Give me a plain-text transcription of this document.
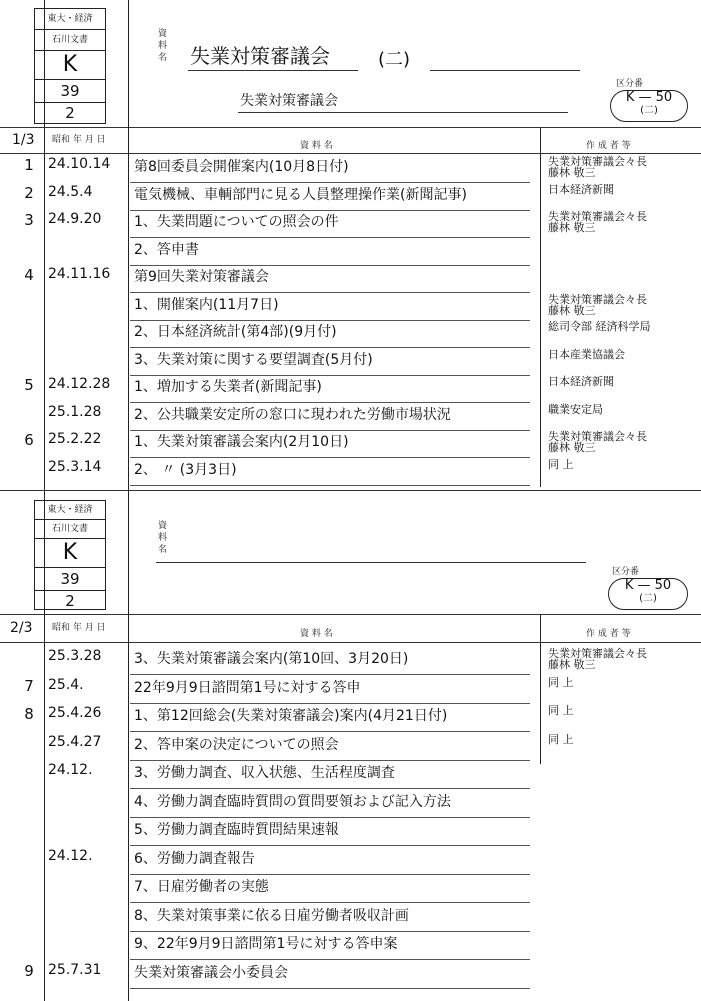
東大・経済
石川文書
K
39
2
資料名 失業対策審議会	(二)
区分番
失業対策審議会	K — 50
(二)
1/3 昭和 年 月 日
資 料 名	作 成 者 等
1	24.10.14 第8回委員会開催案内(10月8日付)	失業対策審議会々長
藤林 敬三
2	24.5.4	電気機械、車輌部門に見る人員整理操作業(新聞記事)	日本経済新聞
3	24.9.20 1、失業問題についての照会の件	失業対策審議会々長
藤林 敬三
2、答申書
4	24.11.16 第9回失業対策審議会
1、開催案内(11月7日)	失業対策審議会々長
藤林 敬三
2、日本経済統計(第4部)(9月付)	総司令部 経済科学局
3、失業対策に関する要望調査(5月付)	日本産業協議会
5	24.12.28 1、増加する失業者(新聞記事)	日本経済新聞
25.1.28 2、公共職業安定所の窓口に現われた労働市場状況	職業安定局
6	25.2.22 1、失業対策審議会案内(2月10日)	失業対策審議会々長
藤林 敬三
25.3.14 2、 〃 (3月3日)	同 上
東大・経済
石川文書
K
39
2
資料名
区分番
K — 50
(二)
2/3 昭和 年 月 日
資 料 名	作 成 者 等
25.3.28 3、失業対策審議会案内(第10回、3月20日)	失業対策審議会々長
藤林 敬三
7	25.4.	22年9月9日諮問第1号に対する答申	同 上
8	25.4.26 1、第12回総会(失業対策審議会)案内(4月21日付)	同 上
25.4.27 2、答申案の決定についての照会	同 上
24.12.	3、労働力調査、収入状態、生活程度調査
4、労働力調査臨時質問の質問要領および記入方法
5、労働力調査臨時質問結果速報
24.12.	6、労働力調査報告
7、日雇労働者の実態
8、失業対策事業に依る日雇労働者吸収計画
9、22年9月9日諮問第1号に対する答申案
9	25.7.31 失業対策審議会小委員会
